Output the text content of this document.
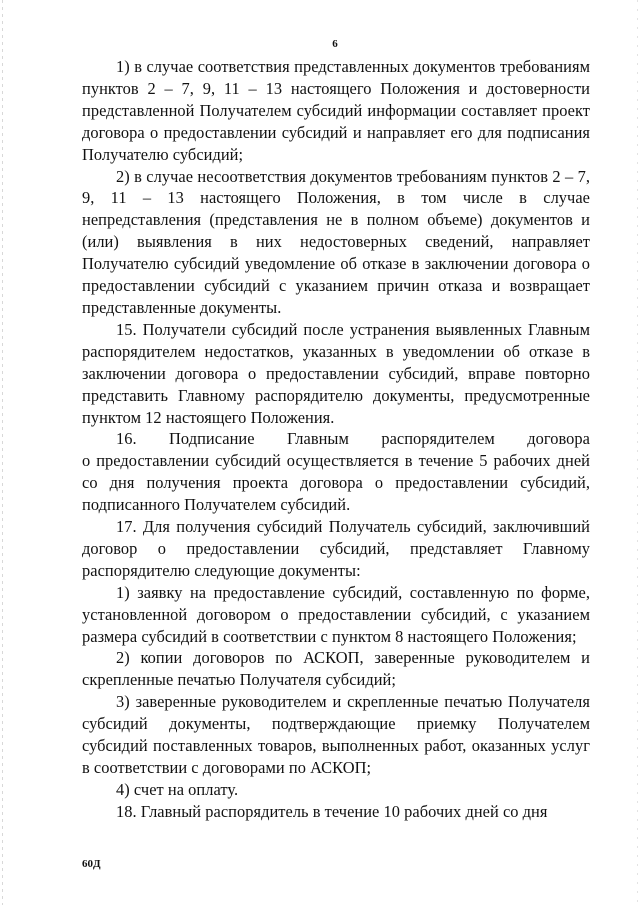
6

1) в случае соответствия представленных документов требованиям пунктов 2 – 7, 9, 11 – 13 настоящего Положения и достоверности представленной Получателем субсидий информации составляет проект договора о предоставлении субсидий и направляет его для подписания Получателю субсидий;

2) в случае несоответствия документов требованиям пунктов 2 – 7, 9, 11 – 13 настоящего Положения, в том числе в случае непредставления (представления не в полном объеме) документов и (или) выявления в них недостоверных сведений, направляет Получателю субсидий уведомление об отказе в заключении договора о предоставлении субсидий с указанием причин отказа и возвращает представленные документы.

15. Получатели субсидий после устранения выявленных Главным распорядителем недостатков, указанных в уведомлении об отказе в заключении договора о предоставлении субсидий, вправе повторно представить Главному распорядителю документы, предусмотренные пунктом 12 настоящего Положения.

16. Подписание Главным распорядителем договора

о предоставлении субсидий осуществляется в течение 5 рабочих дней со дня получения проекта договора о предоставлении субсидий, подписанного Получателем субсидий.

17. Для получения субсидий Получатель субсидий, заключивший договор о предоставлении субсидий, представляет Главному распорядителю следующие документы:

1) заявку на предоставление субсидий, составленную по форме, установленной договором о предоставлении субсидий, с указанием размера субсидий в соответствии с пунктом 8 настоящего Положения;

2) копии договоров по АСКОП, заверенные руководителем и скрепленные печатью Получателя субсидий;

3) заверенные руководителем и скрепленные печатью Получателя субсидий документы, подтверждающие приемку Получателем субсидий поставленных товаров, выполненных работ, оказанных услуг в соответствии с договорами по АСКОП;

4) счет на оплату.

18. Главный распорядитель в течение 10 рабочих дней со дня

60Д
